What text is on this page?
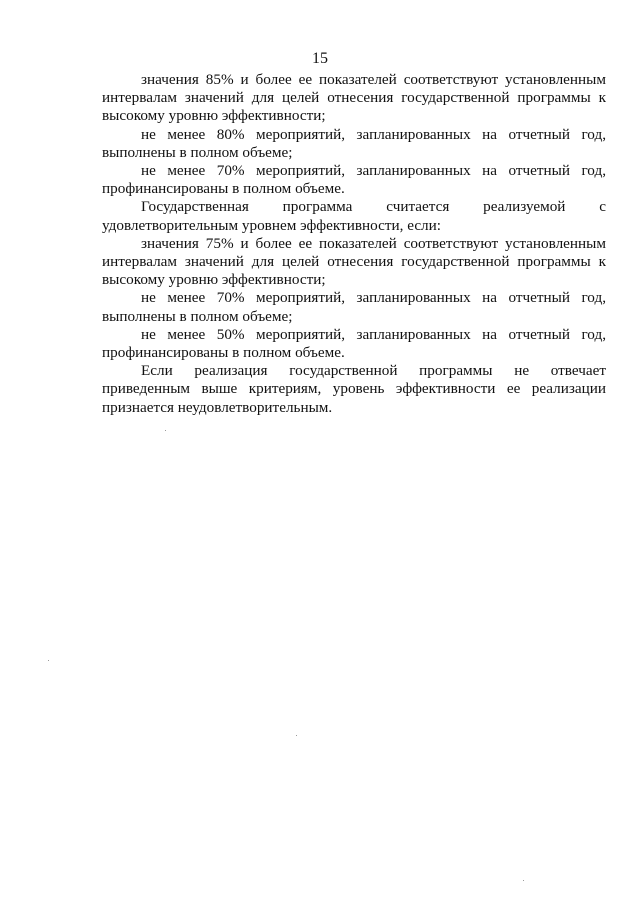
15

значения 85% и более ее показателей соответствуют установленным интервалам значений для целей отнесения государственной программы к высокому уровню эффективности;

не менее 80% мероприятий, запланированных на отчетный год, выполнены в полном объеме;

не менее 70% мероприятий, запланированных на отчетный год, профинансированы в полном объеме.

Государственная программа считается реализуемой с удовлетворительным уровнем эффективности, если:

значения 75% и более ее показателей соответствуют установленным интервалам значений для целей отнесения государственной программы к высокому уровню эффективности;

не менее 70% мероприятий, запланированных на отчетный год, выполнены в полном объеме;

не менее 50% мероприятий, запланированных на отчетный год, профинансированы в полном объеме.

Если реализация государственной программы не отвечает приведенным выше критериям, уровень эффективности ее реализации признается неудовлетворительным.
